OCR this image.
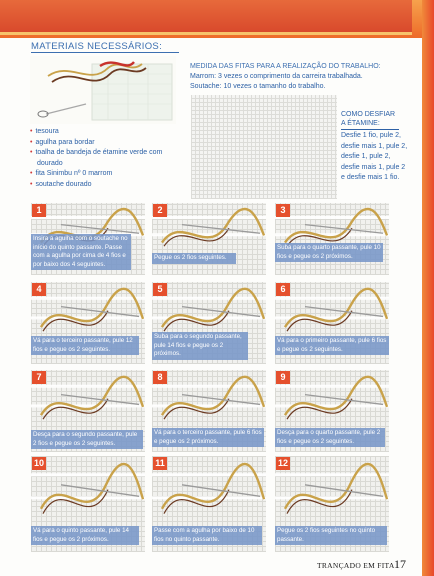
MATERIAIS NECESSÁRIOS:
• tesoura
• agulha para bordar
• toalha de bandeja de étamine verde com
dourado
• fita Sinimbu nº 0 marrom
• soutache dourado
MEDIDA DAS FITAS PARA A REALIZAÇÃO DO TRABALHO:
Marrom: 3 vezes o comprimento da carreira trabalhada.
Soutache: 10 vezes o tamanho do trabalho.
COMO DESFIAR
A ÉTAMINE:
Desfie 1 fio, pule 2, desfie mais 1, pule 2, desfie 1, pule 2, desfie mais 1, pule 2 e desfie mais 1 fio.
1
Insira a agulha com o soutache no início do quinto passante. Passe com a agulha por cima de 4 fios e por baixo dos 4 seguintes.
2
Pegue os 2 fios seguintes.
3
Suba para o quarto passante, pule 10 fios e pegue os 2 próximos.
4
Vá para o terceiro passante, pule 12 fios e pegue os 2 seguintes.
5
Suba para o segundo passante, pule 14 fios e pegue os 2 próximos.
6
Vá para o primeiro passante, pule 6 fios e pegue os 2 seguintes.
7
Desça para o segundo passante, pule 2 fios e pegue os 2 seguintes.
8
Vá para o terceiro passante, pule 6 fios e pegue os 2 próximos.
9
Desça para o quarto passante, pule 2 fios e pegue os 2 seguintes.
10
Vá para o quinto passante, pule 14 fios e pegue os 2 próximos.
11
Passe com a agulha por baixo de 10 fios no quinto passante.
12
Pegue os 2 fios seguintes no quinto passante.
TRANÇADO EM FITA 17
